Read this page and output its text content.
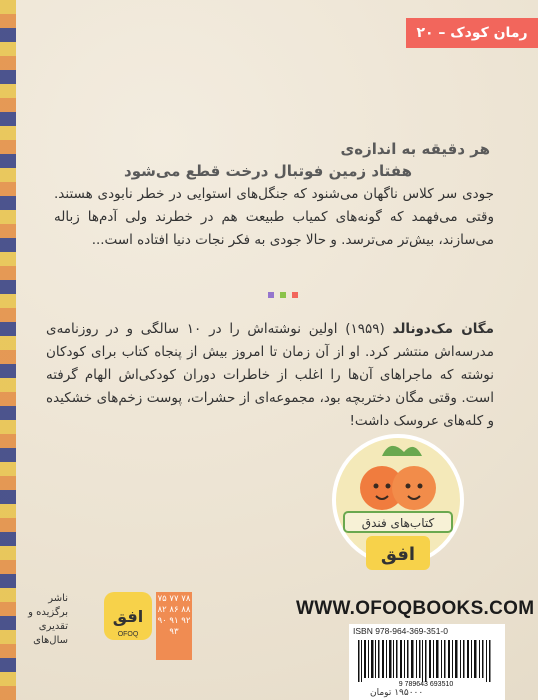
رمان کودک – ۲۰
هر دقیقه به اندازه‌ی
هفتاد زمین فوتبال درخت قطع می‌شود
جودی سر کلاس ناگهان می‌شنود که جنگل‌های استوایی در خطر نابودی هستند. وقتی می‌فهمد که گونه‌های کمیاب طبیعت هم در خطرند ولی آدم‌ها زباله می‌سازند، بیش‌تر می‌ترسد. و حالا جودی به فکر نجات دنیا افتاده است...
مگان مک‌دونالد (۱۹۵۹) اولین نوشته‌اش را در ۱۰ سالگی و در روزنامه‌ی مدرسه‌اش منتشر کرد. او از آن زمان تا امروز بیش از پنجاه کتاب برای کودکان نوشته که ماجراهای آن‌ها را اغلب از خاطرات دوران کودکی‌اش الهام گرفته است. وقتی مگان دختربچه بود، مجموعه‌ای از حشرات، پوست زخم‌های خشکیده و کله‌های عروسک داشت!
کتاب‌های فندق
افق
WWW.OFOQBOOKS.COM
ISBN 978-964-369-351-0
9 789643 693510
۱۹۵۰۰۰ تومان
افق
OFOQ
ناشر برگزیده و تقدیری سال‌های
۷۵ ۷۷ ۷۸ ۸۲ ۸۶ ۸۸ ۹۰ ۹۱ ۹۲ ۹۳
